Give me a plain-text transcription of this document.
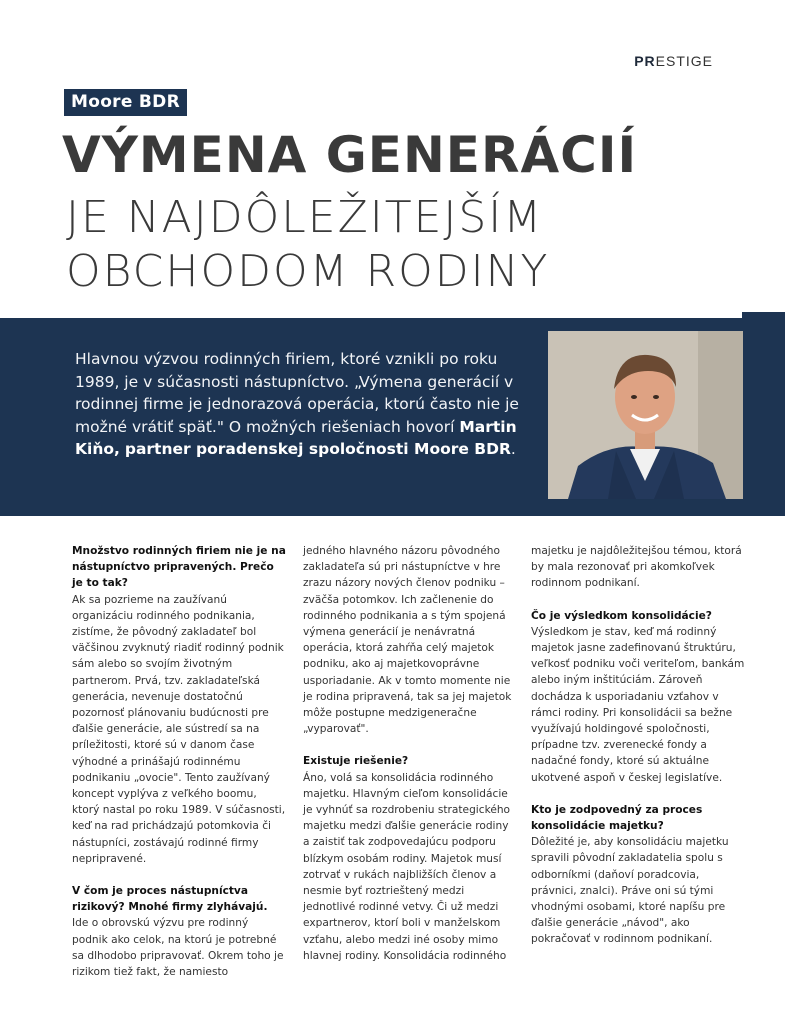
PRESTIGE
Moore BDR
VÝMENA GENERÁCIÍ
JE NAJDÔLEŽITEJŠÍM
OBCHODOM RODINY
Hlavnou výzvou rodinných firiem, ktoré vznikli po roku 1989, je v súčasnosti nástupníctvo. „Výmena generácií v rodinnej firme je jednorazová operácia, ktorú často nie je možné vrátiť späť." O možných riešeniach hovorí Martin Kiňo, partner poradenskej spoločnosti Moore BDR.

Množstvo rodinných firiem nie je na nástupníctvo pripravených. Prečo je to tak?

Ak sa pozrieme na zaužívanú organizáciu rodinného podnikania, zistíme, že pôvodný zakladateľ bol väčšinou zvyknutý riadiť rodinný podnik sám alebo so svojím životným partnerom. Prvá, tzv. zakladateľská generácia, nevenuje dostatočnú pozornosť plánovaniu budúcnosti pre ďalšie generácie, ale sústredí sa na príležitosti, ktoré sú v danom čase výhodné a prinášajú rodinnému podnikaniu „ovocie". Tento zaužívaný koncept vyplýva z veľkého boomu, ktorý nastal po roku 1989. V súčasnosti, keď na rad prichádzajú potomkovia či nástupníci, zostávajú rodinné firmy nepripravené.

V čom je proces nástupníctva rizikový? Mnohé firmy zlyhávajú.

Ide o obrovskú výzvu pre rodinný podnik ako celok, na ktorú je potrebné sa dlhodobo pripravovať. Okrem toho je rizikom tiež fakt, že namiesto

jedného hlavného názoru pôvodného zakladateľa sú pri nástupníctve v hre zrazu názory nových členov podniku – zväčša potomkov. Ich začlenenie do rodinného podnikania a s tým spojená výmena generácií je nenávratná operácia, ktorá zahŕňa celý majetok podniku, ako aj majetkovoprávne usporiadanie. Ak v tomto momente nie je rodina pripravená, tak sa jej majetok môže postupne medzigeneračne „vyparovať".

Existuje riešenie?

Áno, volá sa konsolidácia rodinného majetku. Hlavným cieľom konsolidácie je vyhnúť sa rozdrobeniu strategického majetku medzi ďalšie generácie rodiny a zaistiť tak zodpovedajúcu podporu blízkym osobám rodiny. Majetok musí zotrvať v rukách najbližších členov a nesmie byť roztrieštený medzi jednotlivé rodinné vetvy. Či už medzi expartnerov, ktorí boli v manželskom vzťahu, alebo medzi iné osoby mimo hlavnej rodiny. Konsolidácia rodinného

majetku je najdôležitejšou témou, ktorá by mala rezonovať pri akomkoľvek rodinnom podnikaní.

Čo je výsledkom konsolidácie?

Výsledkom je stav, keď má rodinný majetok jasne zadefinovanú štruktúru, veľkosť podniku voči veriteľom, bankám alebo iným inštitúciám. Zároveň dochádza k usporiadaniu vzťahov v rámci rodiny. Pri konsolidácii sa bežne využívajú holdingové spoločnosti, prípadne tzv. zverenecké fondy a nadačné fondy, ktoré sú aktuálne ukotvené aspoň v českej legislatíve.

Kto je zodpovedný za proces konsolidácie majetku?

Dôležité je, aby konsolidáciu majetku spravili pôvodní zakladatelia spolu s odborníkmi (daňoví poradcovia, právnici, znalci). Práve oni sú tými vhodnými osobami, ktoré napíšu pre ďalšie generácie „návod", ako pokračovať v rodinnom podnikaní.
